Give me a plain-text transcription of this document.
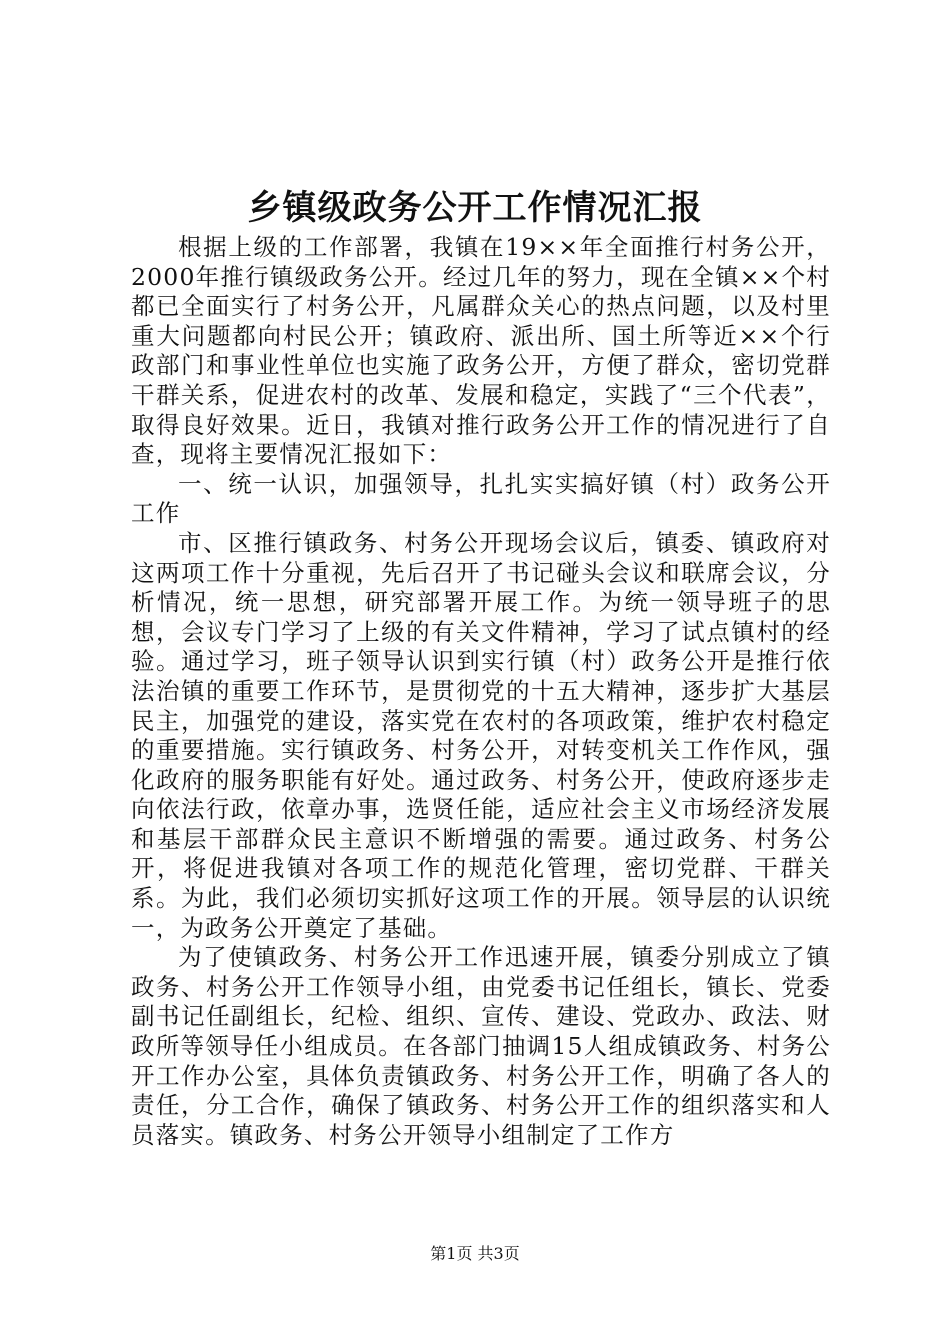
乡镇级政务公开工作情况汇报

根据上级的工作部署，我镇在19××年全面推行村务公开，2000年推行镇级政务公开。经过几年的努力，现在全镇××个村都已全面实行了村务公开，凡属群众关心的热点问题，以及村里重大问题都向村民公开；镇政府、派出所、国土所等近××个行政部门和事业性单位也实施了政务公开，方便了群众，密切党群干群关系，促进农村的改革、发展和稳定，实践了“三个代表”，取得良好效果。近日，我镇对推行政务公开工作的情况进行了自查，现将主要情况汇报如下：

一、统一认识，加强领导，扎扎实实搞好镇（村）政务公开工作

市、区推行镇政务、村务公开现场会议后，镇委、镇政府对这两项工作十分重视，先后召开了书记碰头会议和联席会议，分析情况，统一思想，研究部署开展工作。为统一领导班子的思想，会议专门学习了上级的有关文件精神，学习了试点镇村的经验。通过学习，班子领导认识到实行镇（村）政务公开是推行依法治镇的重要工作环节，是贯彻党的十五大精神，逐步扩大基层民主，加强党的建设，落实党在农村的各项政策，维护农村稳定的重要措施。实行镇政务、村务公开，对转变机关工作作风，强化政府的服务职能有好处。通过政务、村务公开，使政府逐步走向依法行政，依章办事，选贤任能，适应社会主义市场经济发展和基层干部群众民主意识不断增强的需要。通过政务、村务公开，将促进我镇对各项工作的规范化管理，密切党群、干群关系。为此，我们必须切实抓好这项工作的开展。领导层的认识统一，为政务公开奠定了基础。

为了使镇政务、村务公开工作迅速开展，镇委分别成立了镇政务、村务公开工作领导小组，由党委书记任组长，镇长、党委副书记任副组长，纪检、组织、宣传、建设、党政办、政法、财政所等领导任小组成员。在各部门抽调15人组成镇政务、村务公开工作办公室，具体负责镇政务、村务公开工作，明确了各人的责任，分工合作，确保了镇政务、村务公开工作的组织落实和人员落实。镇政务、村务公开领导小组制定了工作方

第1页 共3页
